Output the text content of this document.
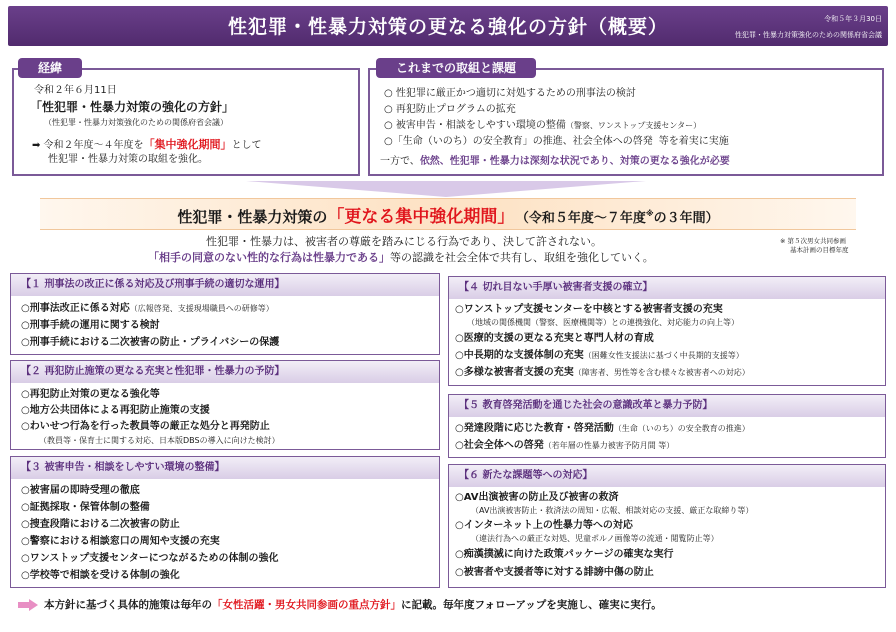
性犯罪・性暴力対策の更なる強化の方針（概要）	令和５年３月30日
性犯罪・性暴力対策強化のための関係府省会議
経緯
令和２年６月11日
「性犯罪・性暴力対策の強化の方針」
（性犯罪・性暴力対策強化のための関係府省会議）
➡ 令和２年度～４年度を「集中強化期間」として
性犯罪・性暴力対策の取組を強化。
これまでの取組と課題
○ 性犯罪に厳正かつ適切に対処するための刑事法の検討
○ 再犯防止プログラムの拡充
○ 被害申告・相談をしやすい環境の整備（警察、ワンストップ支援センター）
○「生命（いのち）の安全教育」の推進、社会全体への啓発 等を着実に実施
一方で、依然、性犯罪・性暴力は深刻な状況であり、対策の更なる強化が必要
性犯罪・性暴力対策の「更なる集中強化期間」 （令和５年度～７年度※の３年間）
性犯罪・性暴力は、被害者の尊厳を踏みにじる行為であり、決して許されない。
「相手の同意のない性的な行為は性暴力である」等の認識を社会全体で共有し、取組を強化していく。
※ 第５次男女共同参画
基本計画の目標年度
【１ 刑事法の改正に係る対応及び刑事手続の適切な運用】
○刑事法改正に係る対応（広報啓発、支援現場職員への研修等）
○刑事手続の運用に関する検討
○刑事手続における二次被害の防止・プライバシーの保護
【２ 再犯防止施策の更なる充実と性犯罪・性暴力の予防】
○再犯防止対策の更なる強化等
○地方公共団体による再犯防止施策の支援
○わいせつ行為を行った教員等の厳正な処分と再発防止
（教員等・保育士に関する対応、日本版DBSの導入に向けた検討）
【３ 被害申告・相談をしやすい環境の整備】
○被害届の即時受理の徹底
○証拠採取・保管体制の整備
○捜査段階における二次被害の防止
○警察における相談窓口の周知や支援の充実
○ワンストップ支援センターにつながるための体制の強化
○学校等で相談を受ける体制の強化
【４ 切れ目ない手厚い被害者支援の確立】
○ワンストップ支援センターを中核とする被害者支援の充実
（地域の関係機関（警察、医療機関等）との連携強化、対応能力の向上等）
○医療的支援の更なる充実と専門人材の育成
○中長期的な支援体制の充実（困難女性支援法に基づく中長期的支援等）
○多様な被害者支援の充実（障害者、男性等を含む様々な被害者への対応）
【５ 教育啓発活動を通じた社会の意識改革と暴力予防】
○発達段階に応じた教育・啓発活動（生命（いのち）の安全教育の推進）
○社会全体への啓発（若年層の性暴力被害予防月間 等）
【６ 新たな課題等への対応】
○AV出演被害の防止及び被害の救済
（AV出演被害防止・救済法の周知・広報、相談対応の支援、厳正な取締り等）
○インターネット上の性暴力等への対応
（違法行為への厳正な対処、児童ポルノ画像等の流通・閲覧防止等）
○痴漢撲滅に向けた政策パッケージの確実な実行
○被害者や支援者等に対する誹謗中傷の防止
本方針に基づく具体的施策は毎年の「女性活躍・男女共同参画の重点方針」に記載。毎年度フォローアップを実施し、確実に実行。
